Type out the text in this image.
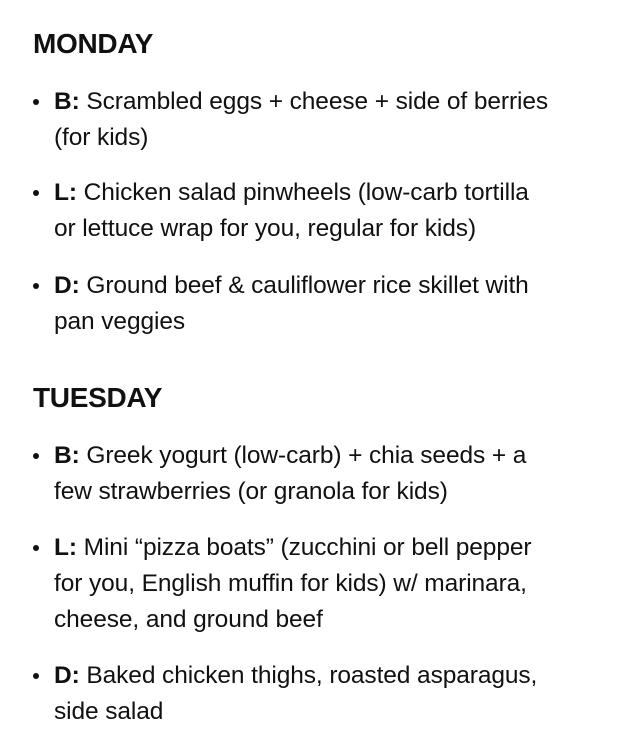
MONDAY
B: Scrambled eggs + cheese + side of berries
(for kids)
L: Chicken salad pinwheels (low-carb tortilla
or lettuce wrap for you, regular for kids)
D: Ground beef & cauliflower rice skillet with
pan veggies
TUESDAY
B: Greek yogurt (low-carb) + chia seeds + a
few strawberries (or granola for kids)
L: Mini “pizza boats” (zucchini or bell pepper
for you, English muffin for kids) w/ marinara,
cheese, and ground beef
D: Baked chicken thighs, roasted asparagus,
side salad
